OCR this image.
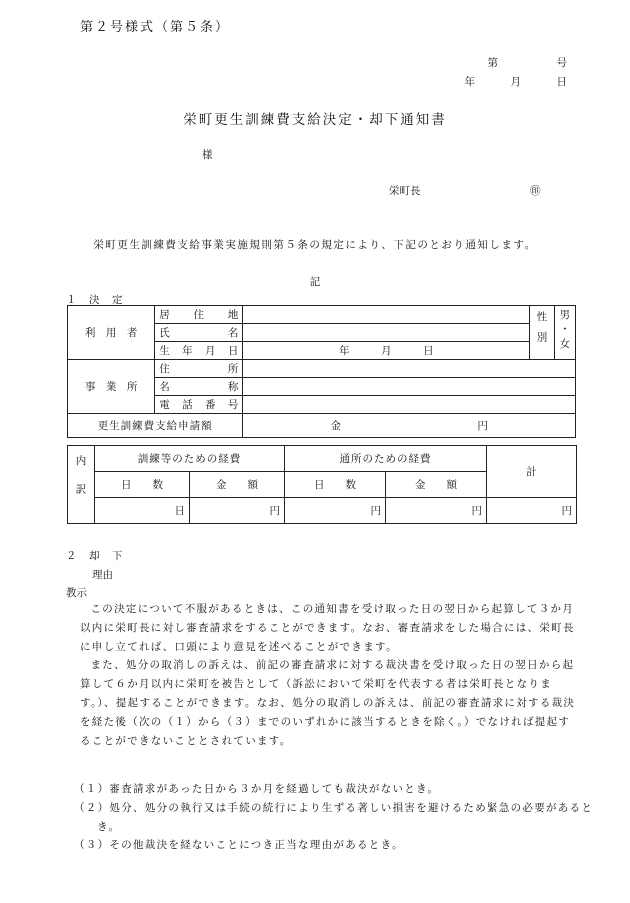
第２号様式（第５条）
第　　　　　号
年　　　月　　　日
栄町更生訓練費支給決定・却下通知書
様
栄町長	㊞
栄町更生訓練費支給事業実施規則第５条の規定により、下記のとおり通知します。
記
１　決　定
利　用　者	居住地		性別	男・女
	氏名			
	生年月日	年　　　月　　　日		
事　業　所	住所			
	名称			
	電話番号			
更生訓練費支給申請額		金　　　　　　　　　　　　　円		
内訳	訓練等のための経費		通所のための経費		計
	日　　数	金　　額	日　　数	金　　額	
	日	円	円	円	円
２　却　下
理由
教示

この決定について不服があるときは、この通知書を受け取った日の翌日から起算して３か月以内に栄町長に対し審査請求をすることができます。なお、審査請求をした場合には、栄町長に申し立てれば、口頭により意見を述べることができます。

また、処分の取消しの訴えは、前記の審査請求に対する裁決書を受け取った日の翌日から起算して６か月以内に栄町を被告として（訴訟において栄町を代表する者は栄町長となります。）、提起することができます。なお、処分の取消しの訴えは、前記の審査請求に対する裁決を経た後（次の（１）から（３）までのいずれかに該当するときを除く。）でなければ提起することができないこととされています。

（１）審査請求があった日から３か月を経過しても裁決がないとき。
（２）処分、処分の執行又は手続の続行により生ずる著しい損害を避けるため緊急の必要があるとき。
（３）その他裁決を経ないことにつき正当な理由があるとき。
